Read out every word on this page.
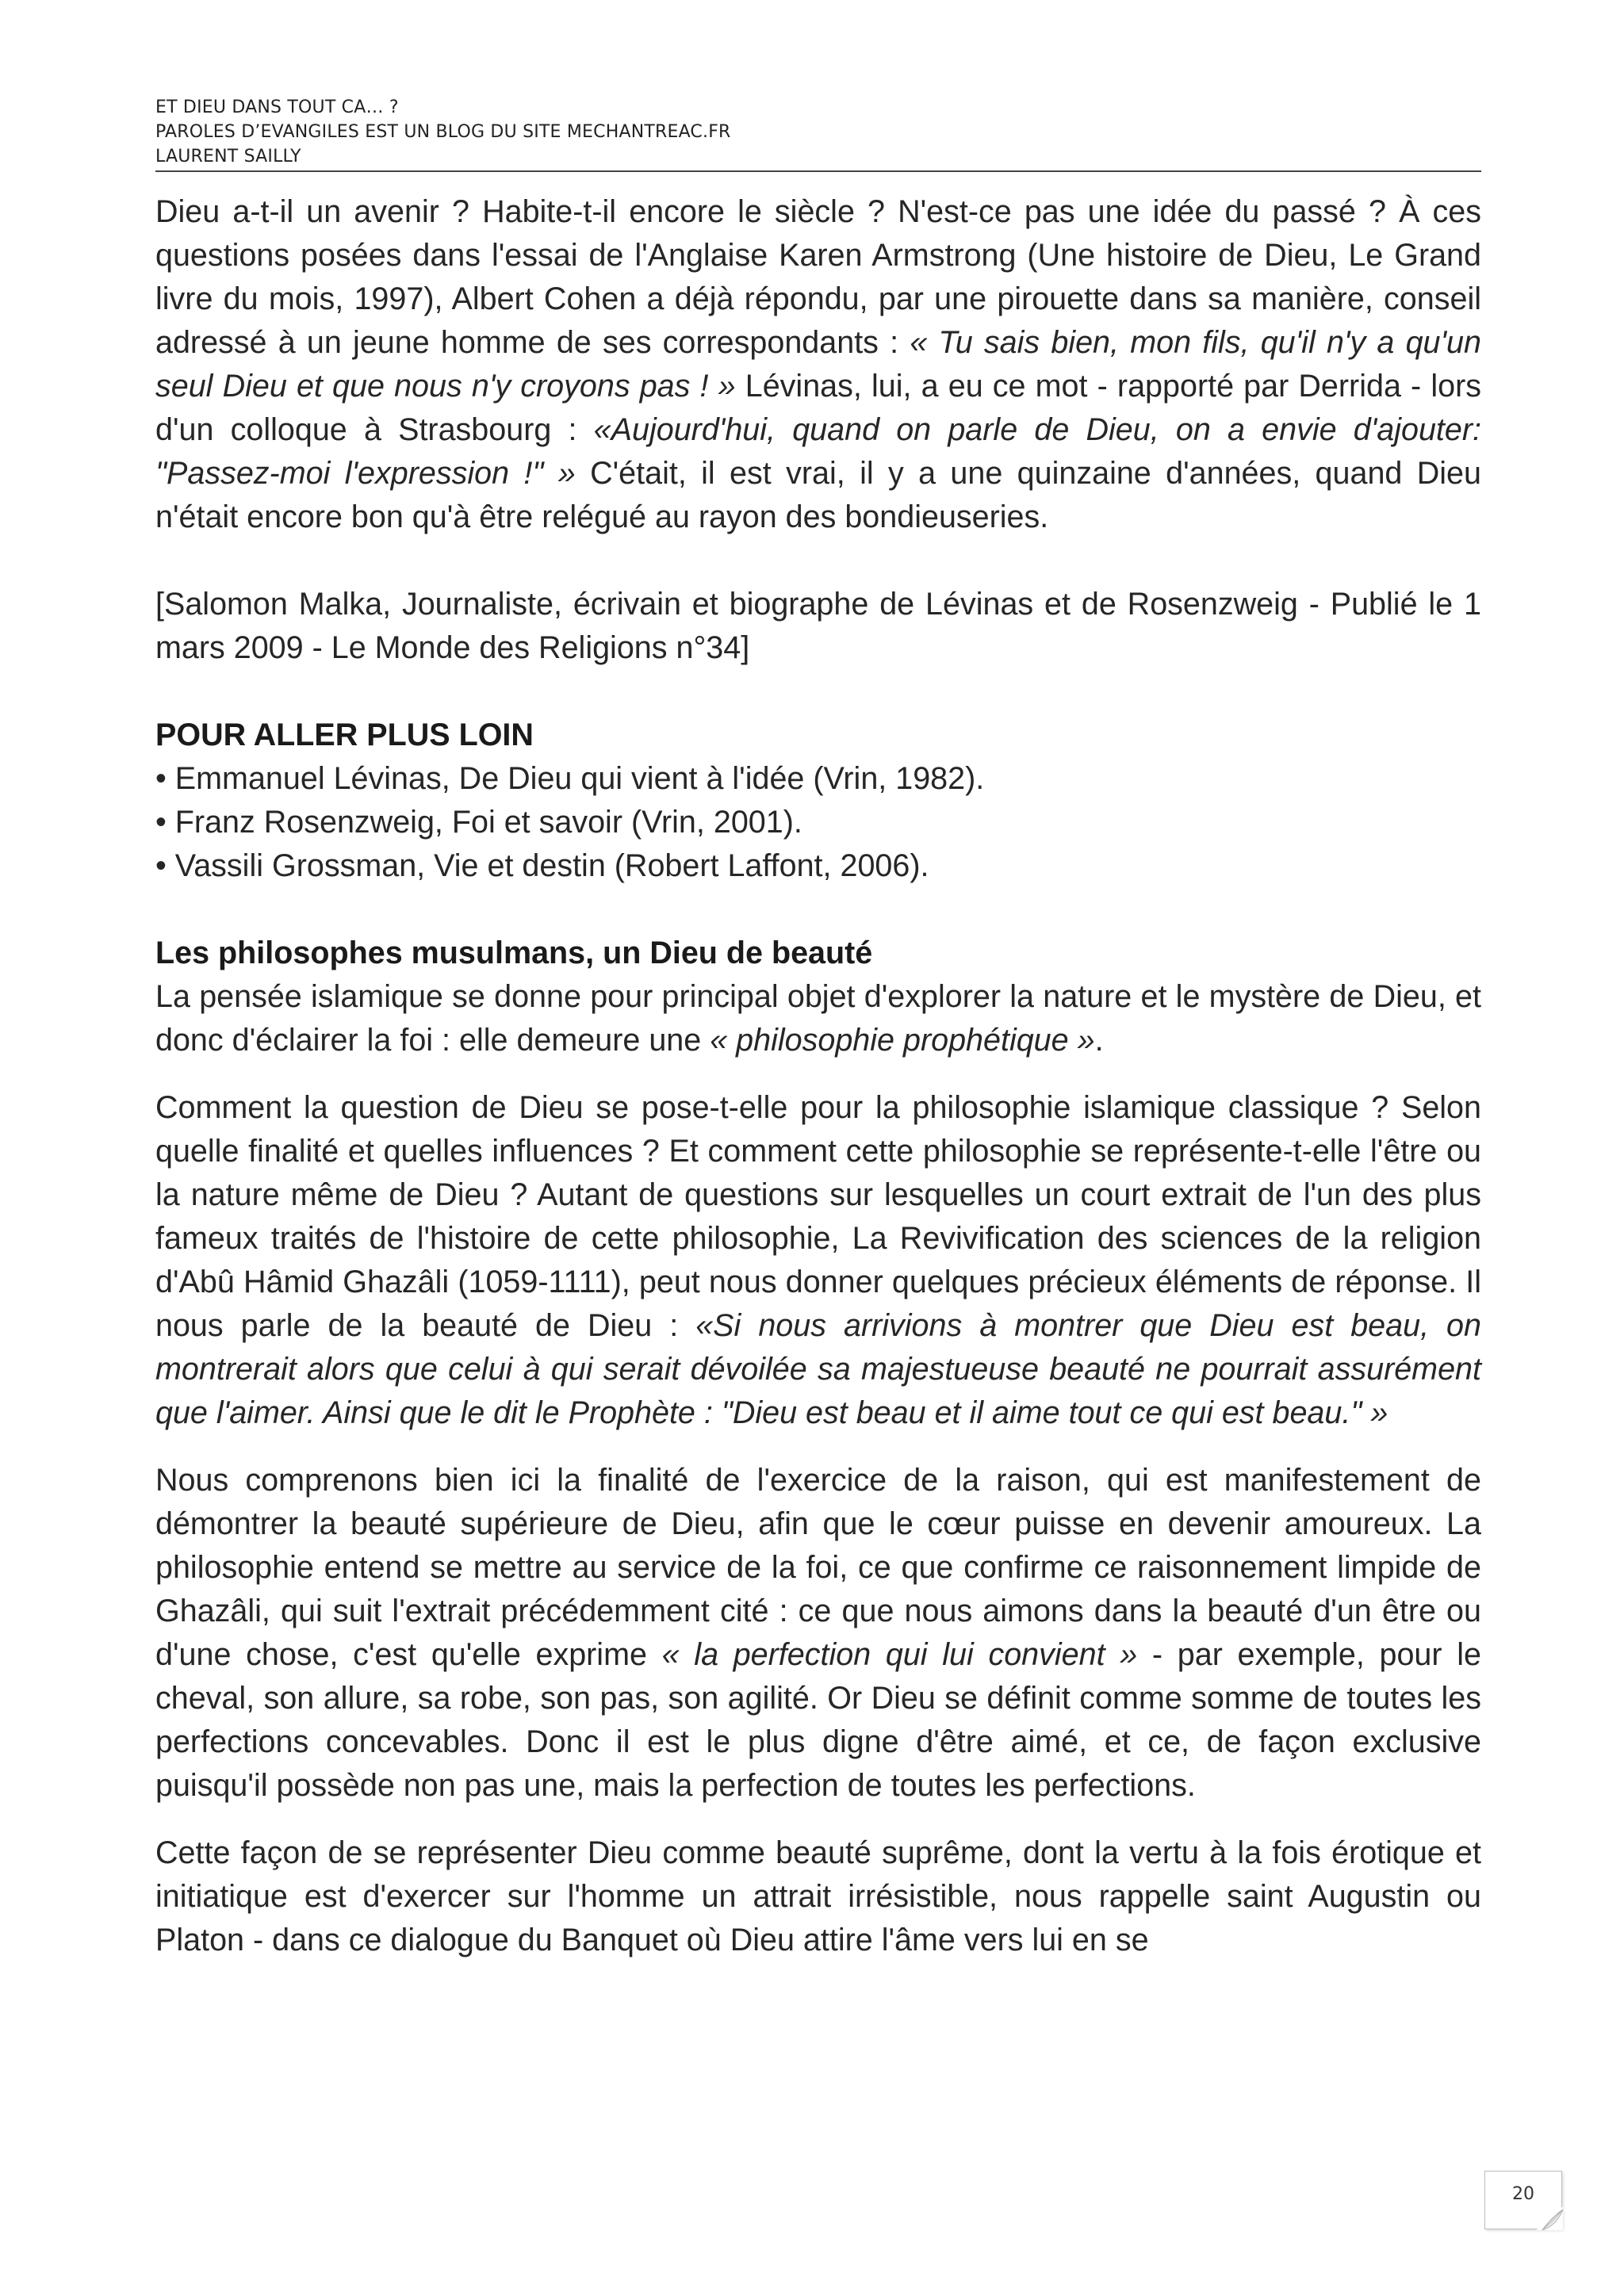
ET DIEU DANS TOUT CA… ?
PAROLES D’EVANGILES EST UN BLOG DU SITE MECHANTREAC.FR
LAURENT SAILLY

Dieu a-t-il un avenir ? Habite-t-il encore le siècle ? N'est-ce pas une idée du passé ? À ces questions posées dans l'essai de l'Anglaise Karen Armstrong (Une histoire de Dieu, Le Grand livre du mois, 1997), Albert Cohen a déjà répondu, par une pirouette dans sa manière, conseil adressé à un jeune homme de ses correspondants : « Tu sais bien, mon fils, qu'il n'y a qu'un seul Dieu et que nous n'y croyons pas ! » Lévinas, lui, a eu ce mot - rapporté par Derrida - lors d'un colloque à Strasbourg : «Aujourd'hui, quand on parle de Dieu, on a envie d'ajouter: "Passez-moi l'expression !" » C'était, il est vrai, il y a une quinzaine d'années, quand Dieu n'était encore bon qu'à être relégué au rayon des bondieuseries.

[Salomon Malka, Journaliste, écrivain et biographe de Lévinas et de Rosenzweig - Publié le 1 mars 2009 - Le Monde des Religions n°34]

POUR ALLER PLUS LOIN

• Emmanuel Lévinas, De Dieu qui vient à l'idée (Vrin, 1982).
• Franz Rosenzweig, Foi et savoir (Vrin, 2001).
• Vassili Grossman, Vie et destin (Robert Laffont, 2006).

Les philosophes musulmans, un Dieu de beauté

La pensée islamique se donne pour principal objet d'explorer la nature et le mystère de Dieu, et donc d'éclairer la foi : elle demeure une « philosophie prophétique ».

Comment la question de Dieu se pose-t-elle pour la philosophie islamique classique ? Selon quelle finalité et quelles influences ? Et comment cette philosophie se représente-t-elle l'être ou la nature même de Dieu ? Autant de questions sur lesquelles un court extrait de l'un des plus fameux traités de l'histoire de cette philosophie, La Revivification des sciences de la religion d'Abû Hâmid Ghazâli (1059-1111), peut nous donner quelques précieux éléments de réponse. Il nous parle de la beauté de Dieu : «Si nous arrivions à montrer que Dieu est beau, on montrerait alors que celui à qui serait dévoilée sa majestueuse beauté ne pourrait assurément que l'aimer. Ainsi que le dit le Prophète : "Dieu est beau et il aime tout ce qui est beau." »

Nous comprenons bien ici la finalité de l'exercice de la raison, qui est manifestement de démontrer la beauté supérieure de Dieu, afin que le cœur puisse en devenir amoureux. La philosophie entend se mettre au service de la foi, ce que confirme ce raisonnement limpide de Ghazâli, qui suit l'extrait précédemment cité : ce que nous aimons dans la beauté d'un être ou d'une chose, c'est qu'elle exprime « la perfection qui lui convient » - par exemple, pour le cheval, son allure, sa robe, son pas, son agilité. Or Dieu se définit comme somme de toutes les perfections concevables. Donc il est le plus digne d'être aimé, et ce, de façon exclusive puisqu'il possède non pas une, mais la perfection de toutes les perfections.

Cette façon de se représenter Dieu comme beauté suprême, dont la vertu à la fois érotique et initiatique est d'exercer sur l'homme un attrait irrésistible, nous rappelle saint Augustin ou Platon - dans ce dialogue du Banquet où Dieu attire l'âme vers lui en se

20
